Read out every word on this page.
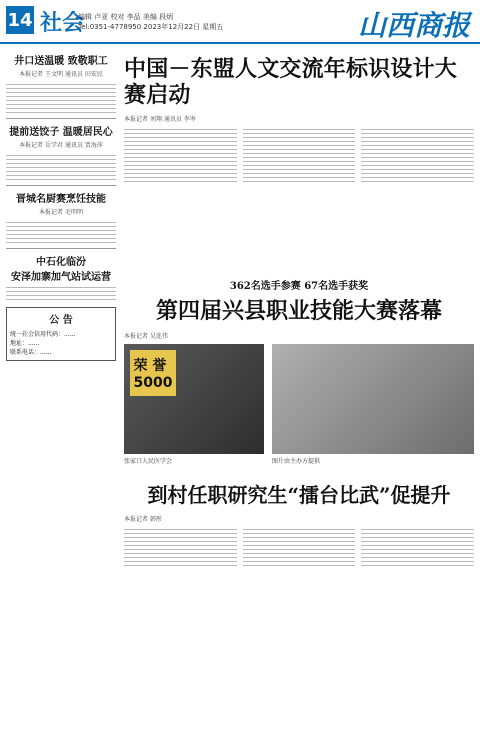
14 社会
编辑 卢亚 校对 李品 美编 段炳
Tel:0351-4778950 2023年12月22日 星期五	山西商报
井口送温暖 致敬职工
本报记者 王文明 通讯员 田宏民
提前送饺子 温暖居民心
本报记者 岳学君 通讯员 贾海萍
晋城名厨赛烹饪技能
本报记者 毛明明
中石化临汾
安泽加寨加气站试运营
公 告
统一社会信用代码：......
地址：......
联系电话：......
中国－东盟人文交流年标识设计大赛启动
本报记者 刘翔 通讯员 李岑
362名选手参赛 67名选手获奖
第四届兴县职业技能大赛落幕
本报记者 吴连伟
荣 誉
5000
张家口人民医学会	图片由主办方提供
到村任职研究生“擂台比武”促提升
本报记者 韩彤
